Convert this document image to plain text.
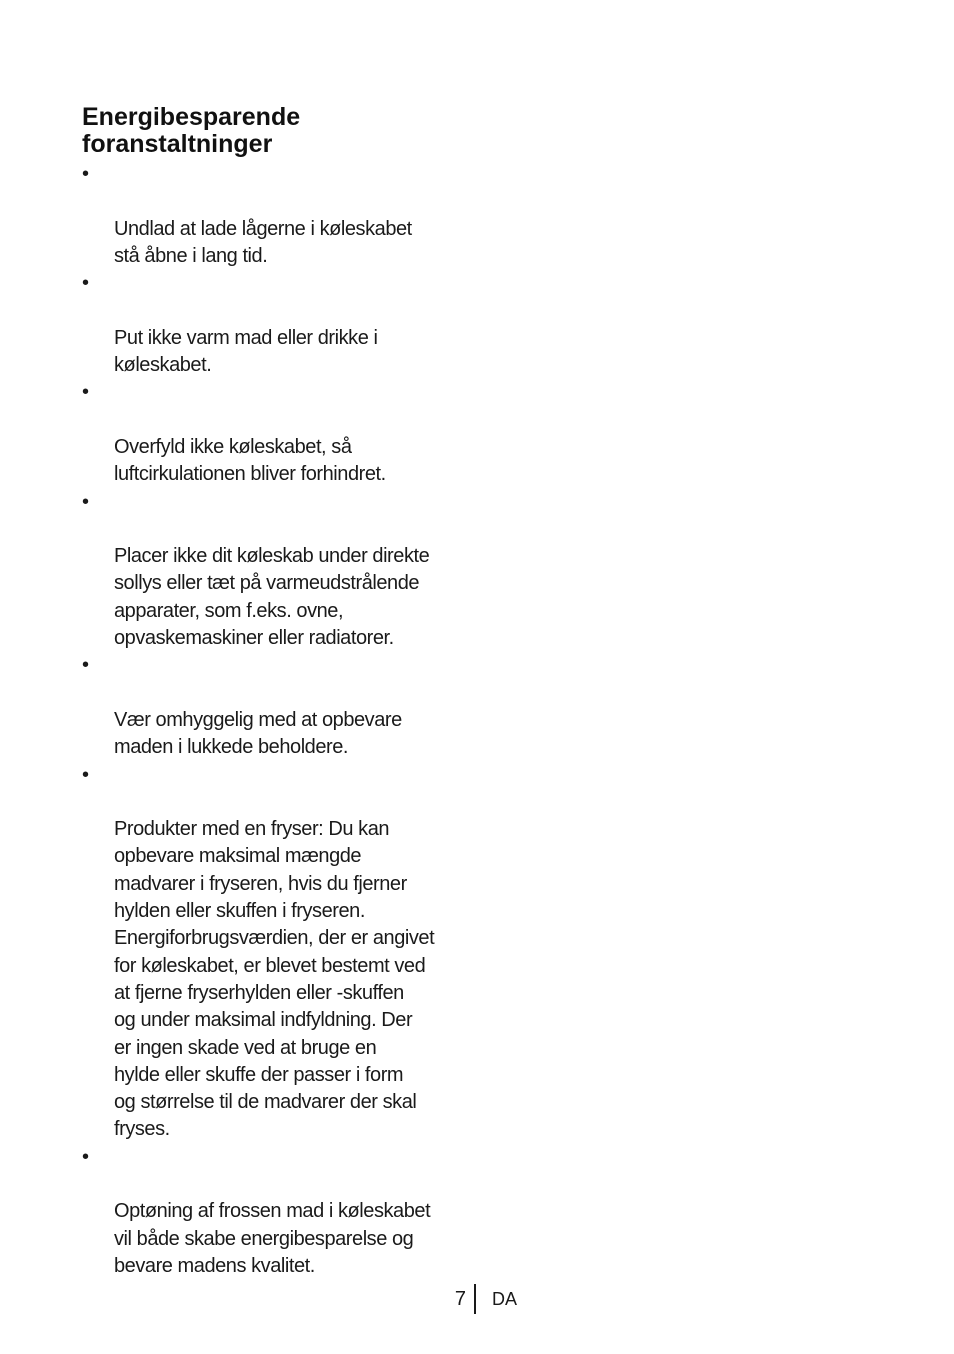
Energibesparende
foranstaltninger

•

Undlad at lade lågerne i køleskabet
stå åbne i lang tid.

•

Put ikke varm mad eller drikke i
køleskabet.

•

Overfyld ikke køleskabet, så
luftcirkulationen bliver forhindret.

•

Placer ikke dit køleskab under direkte
sollys eller tæt på varmeudstrålende
apparater, som f.eks. ovne,
opvaskemaskiner eller radiatorer.

•

Vær omhyggelig med at opbevare
maden i lukkede beholdere.

•

Produkter med en fryser: Du kan
opbevare maksimal mængde
madvarer i fryseren, hvis du fjerner
hylden eller skuffen i fryseren.
Energiforbrugsværdien, der er angivet
for køleskabet, er blevet bestemt ved
at fjerne fryserhylden eller -skuffen
og under maksimal indfyldning. Der
er ingen skade ved at bruge en
hylde eller skuffe der passer i form
og størrelse til de madvarer der skal
fryses.

•

Optøning af frossen mad i køleskabet
vil både skabe energibesparelse og
bevare madens kvalitet.

7	DA
